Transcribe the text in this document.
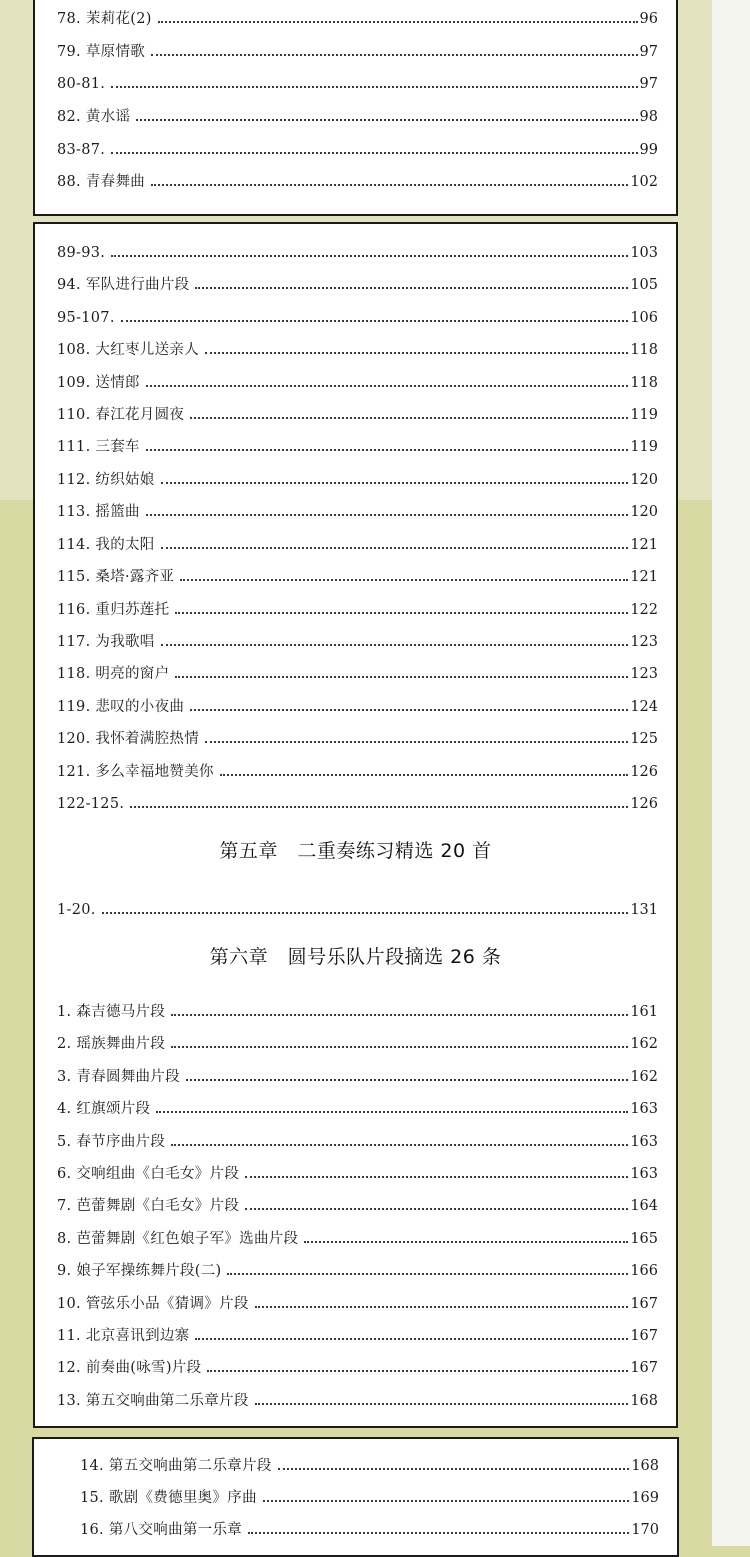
78. 茉莉花(2)	96
79. 草原情歌	97
80-81.	97
82. 黄水谣	98
83-87.	99
88. 青春舞曲	102
89-93.	103
94. 军队进行曲片段	105
95-107.	106
108. 大红枣儿送亲人	118
109. 送情郎	118
110. 春江花月圆夜	119
111. 三套车	119
112. 纺织姑娘	120
113. 摇篮曲	120
114. 我的太阳	121
115. 桑塔·露齐亚	121
116. 重归苏莲托	122
117. 为我歌唱	123
118. 明亮的窗户	123
119. 悲叹的小夜曲	124
120. 我怀着满腔热情	125
121. 多么幸福地赞美你	126
122-125.	126
第五章　二重奏练习精选 20 首
1-20.	131
第六章　圆号乐队片段摘选 26 条
1. 森吉德马片段	161
2. 瑶族舞曲片段	162
3. 青春圆舞曲片段	162
4. 红旗颂片段	163
5. 春节序曲片段	163
6. 交响组曲《白毛女》片段	163
7. 芭蕾舞剧《白毛女》片段	164
8. 芭蕾舞剧《红色娘子军》选曲片段	165
9. 娘子军操练舞片段(二)	166
10. 管弦乐小品《猜调》片段	167
11. 北京喜讯到边寨	167
12. 前奏曲(咏雪)片段	167
13. 第五交响曲第二乐章片段	168
14. 第五交响曲第二乐章片段	168
15. 歌剧《费德里奥》序曲	169
16. 第八交响曲第一乐章	170
